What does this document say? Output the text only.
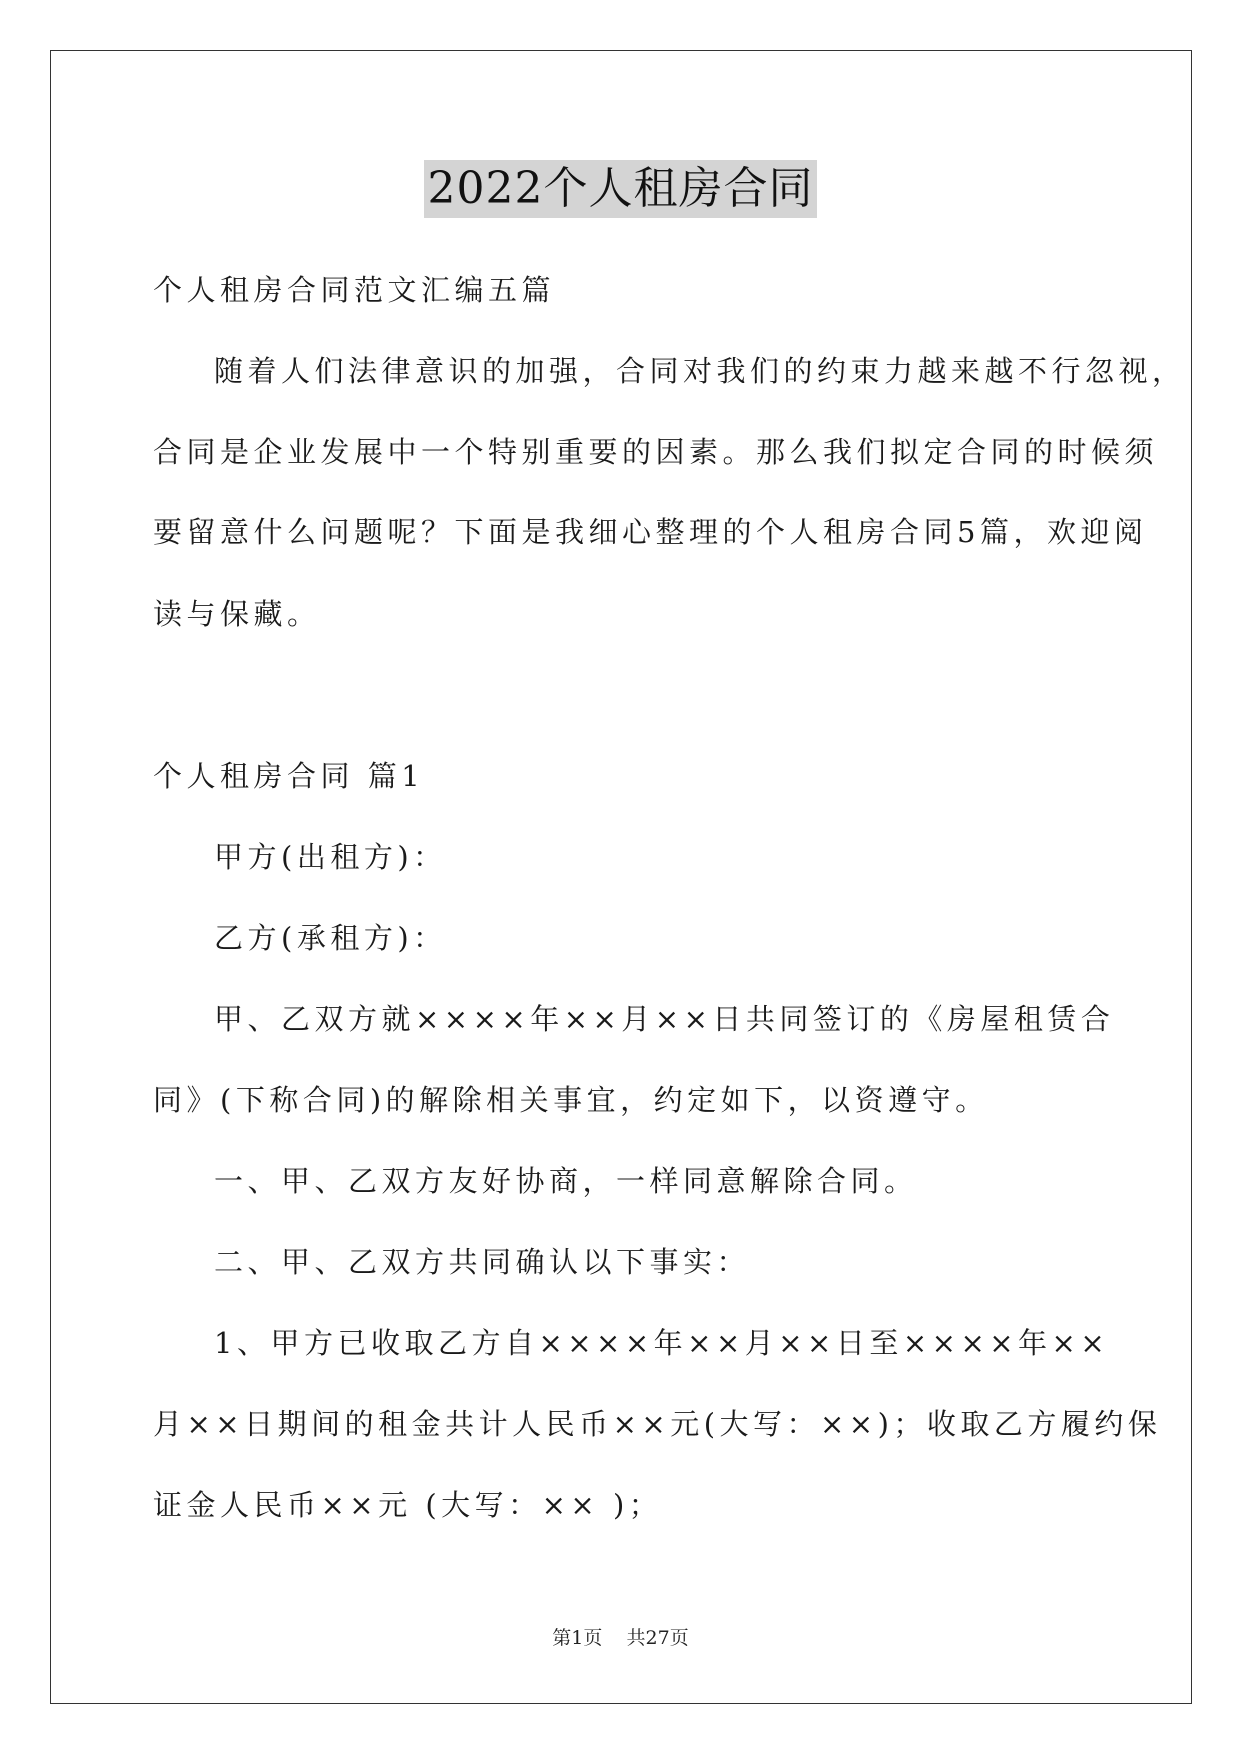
2022个人租房合同
个人租房合同范文汇编五篇
随着人们法律意识的加强，合同对我们的约束力越来越不行忽视，
合同是企业发展中一个特别重要的因素。那么我们拟定合同的时候须
要留意什么问题呢？下面是我细心整理的个人租房合同5篇，欢迎阅
读与保藏。
个人租房合同 篇1
甲方(出租方)：
乙方(承租方)：
甲、乙双方就××××年××月××日共同签订的《房屋租赁合
同》(下称合同)的解除相关事宜，约定如下，以资遵守。
一、甲、乙双方友好协商，一样同意解除合同。
二、甲、乙双方共同确认以下事实：
1、甲方已收取乙方自××××年××月××日至××××年××
月××日期间的租金共计人民币××元(大写：××)；收取乙方履约保
证金人民币××元 (大写：×× )；
第1页 共27页
